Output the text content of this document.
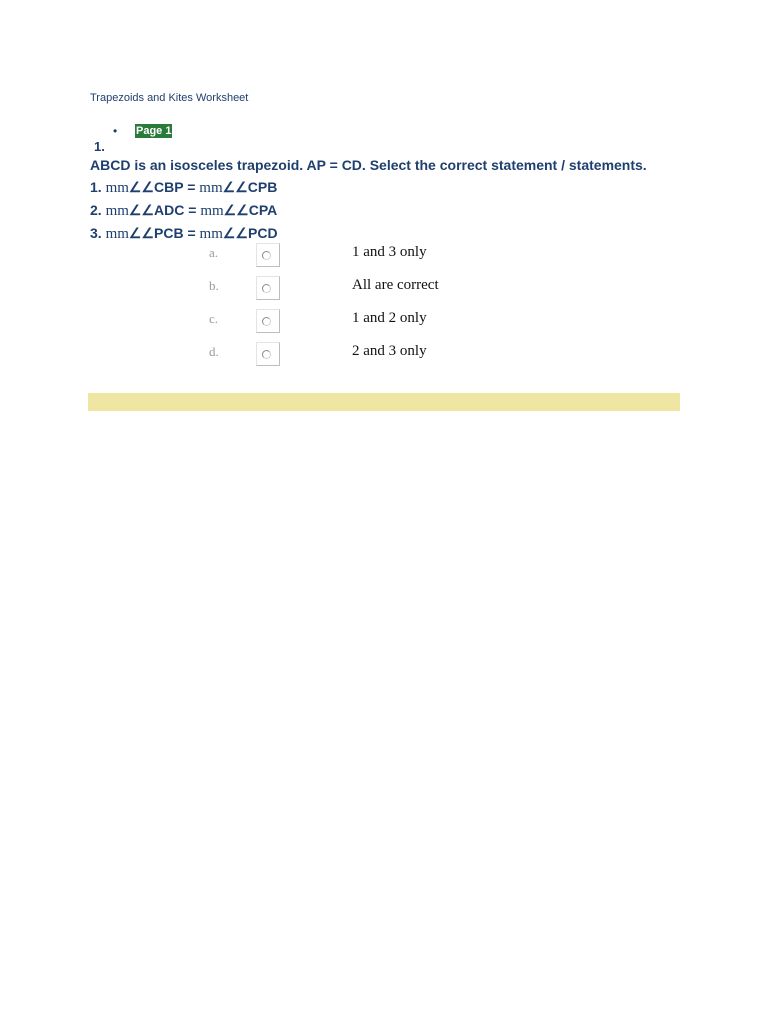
Trapezoids and Kites Worksheet
•	Page 1
1.
ABCD is an isosceles trapezoid. AP = CD. Select the correct statement / statements.
1. mm∠∠CBP = mm∠∠CPB
2. mm∠∠ADC = mm∠∠CPA
3. mm∠∠PCB = mm∠∠PCD
a.	1 and 3 only
b.	All are correct
c.	1 and 2 only
d.	2 and 3 only
